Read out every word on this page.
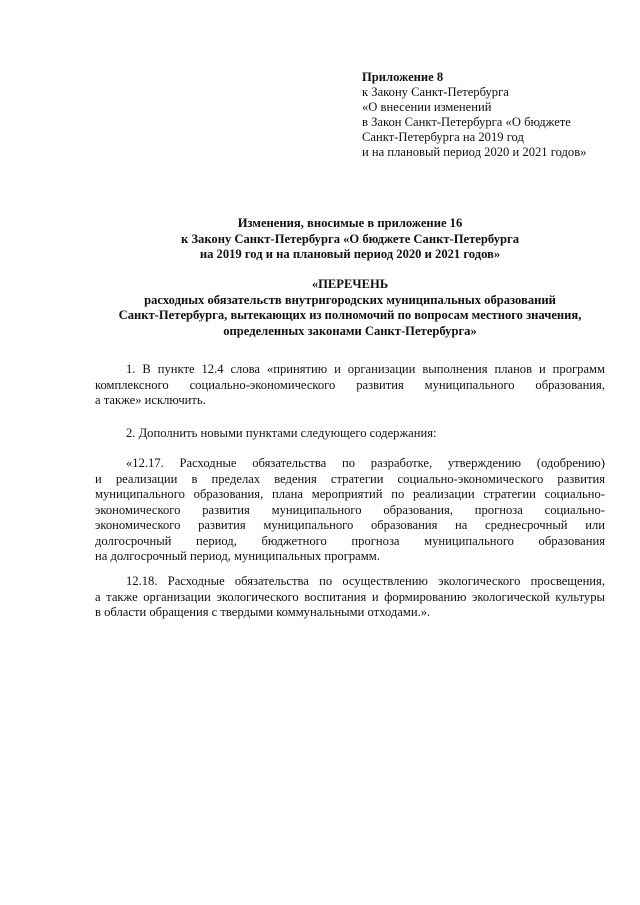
Приложение 8
к Закону Санкт-Петербурга
«О внесении изменений
в Закон Санкт-Петербурга «О бюджете
Санкт-Петербурга на 2019 год
и на плановый период 2020 и 2021 годов»
Изменения, вносимые в приложение 16
к Закону Санкт-Петербурга «О бюджете Санкт-Петербурга
на 2019 год и на плановый период 2020 и 2021 годов»
«ПЕРЕЧЕНЬ
расходных обязательств внутригородских муниципальных образований
Санкт-Петербурга, вытекающих из полномочий по вопросам местного значения,
определенных законами Санкт-Петербурга»
1. В пункте 12.4 слова «принятию и организации выполнения планов и программ
комплексного социально-экономического развития муниципального образования,
а также» исключить.
2. Дополнить новыми пунктами следующего содержания:
«12.17. Расходные обязательства по разработке, утверждению (одобрению)
и реализации в пределах ведения стратегии социально-экономического развития
муниципального образования, плана мероприятий по реализации стратегии социально-
экономического развития муниципального образования, прогноза социально-
экономического развития муниципального образования на среднесрочный или
долгосрочный период, бюджетного прогноза муниципального образования
на долгосрочный период, муниципальных программ.
12.18. Расходные обязательства по осуществлению экологического просвещения,
а также организации экологического воспитания и формированию экологической культуры
в области обращения с твердыми коммунальными отходами.».
